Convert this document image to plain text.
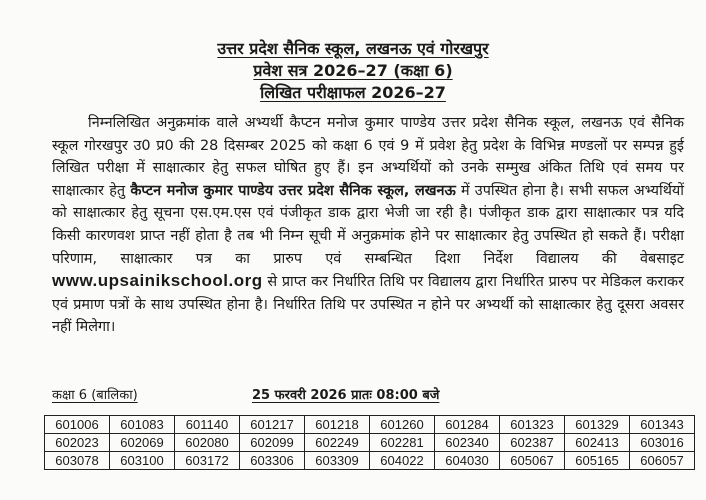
उत्तर प्रदेश सैनिक स्कूल, लखनऊ एवं गोरखपुर
प्रवेश सत्र 2026–27 (कक्षा 6)
लिखित परीक्षाफल 2026–27

निम्नलिखित अनुक्रमांक वाले अभ्यर्थी कैप्टन मनोज कुमार पाण्डेय उत्तर प्रदेश सैनिक स्कूल, लखनऊ एवं सैनिक स्कूल गोरखपुर उ0 प्र0 की 28 दिसम्बर 2025 को कक्षा 6 एवं 9 में प्रवेश हेतु प्रदेश के विभिन्न मण्डलों पर सम्पन्न हुई लिखित परीक्षा में साक्षात्कार हेतु सफल घोषित हुए हैं। इन अभ्यर्थियों को उनके सम्मुख अंकित तिथि एवं समय पर साक्षात्कार हेतु कैप्टन मनोज कुमार पाण्डेय उत्तर प्रदेश सैनिक स्कूल, लखनऊ में उपस्थित होना है। सभी सफल अभ्यर्थियों को साक्षात्कार हेतु सूचना एस.एम.एस एवं पंजीकृत डाक द्वारा भेजी जा रही है। पंजीकृत डाक द्वारा साक्षात्कार पत्र यदि किसी कारणवश प्राप्त नहीं होता है तब भी निम्न सूची में अनुक्रमांक होने पर साक्षात्कार हेतु उपस्थित हो सकते हैं। परीक्षा परिणाम, साक्षात्कार पत्र का प्रारुप एवं सम्बन्धित दिशा निर्देश विद्यालय की वेबसाइट www.upsainikschool.org से प्राप्त कर निर्धारित तिथि पर विद्यालय द्वारा निर्धारित प्रारुप पर मेडिकल कराकर एवं प्रमाण पत्रों के साथ उपस्थित होना है। निर्धारित तिथि पर उपस्थित न होने पर अभ्यर्थी को साक्षात्कार हेतु दूसरा अवसर नहीं मिलेगा।

कक्षा 6 (बालिका)	25 फरवरी 2026 प्रातः 08:00 बजे
601006	601083	601140	601217	601218	601260	601284	601323	601329	601343
602023	602069	602080	602099	602249	602281	602340	602387	602413	603016
603078	603100	603172	603306	603309	604022	604030	605067	605165	606057
